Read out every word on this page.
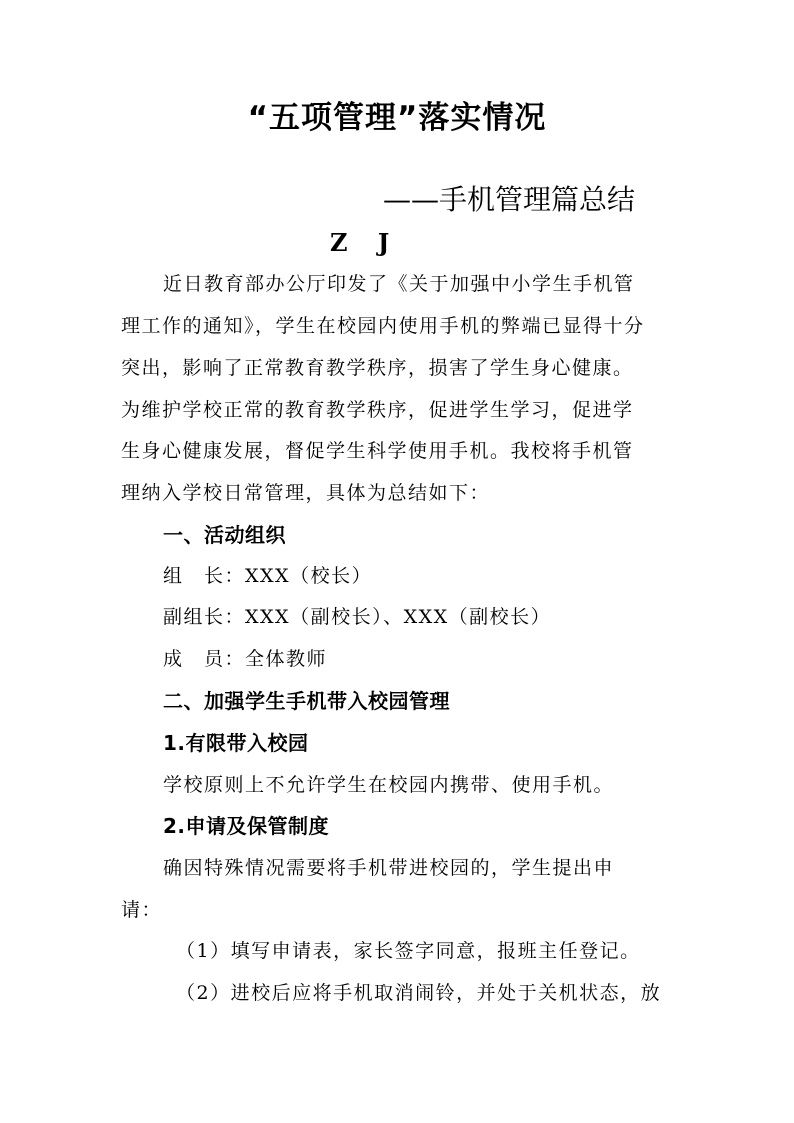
“五项管理”落实情况
——手机管理篇总结
Z J
近日教育部办公厅印发了《关于加强中小学生手机管
理工作的通知》，学生在校园内使用手机的弊端已显得十分
突出，影响了正常教育教学秩序，损害了学生身心健康。
为维护学校正常的教育教学秩序，促进学生学习，促进学
生身心健康发展，督促学生科学使用手机。我校将手机管
理纳入学校日常管理，具体为总结如下：
一、活动组织
组　长：XXX（校长）
副组长：XXX（副校长）、XXX（副校长）
成　员：全体教师
二、加强学生手机带入校园管理
1.有限带入校园
学校原则上不允许学生在校园内携带、使用手机。
2.申请及保管制度
确因特殊情况需要将手机带进校园的，学生提出申
请：
（1）填写申请表，家长签字同意，报班主任登记。
（2）进校后应将手机取消闹铃，并处于关机状态，放
